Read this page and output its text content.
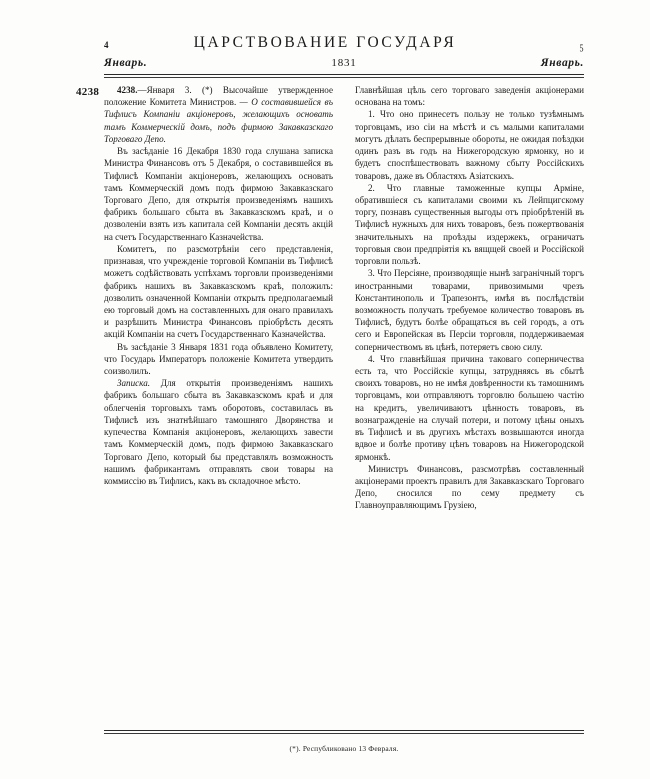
4	ЦАРСТВОВАНИЕ ГОСУДАРЯ	5
Январь.	1831	Январь.
4238	4238.—Января 3. (*) Высочайше утвержденное положение Комитета Министров. — О составившейся въ Тифлисъ Компаніи акціонеровъ, желающихъ основать тамъ Коммерческій домъ, подъ фирмою Закавказскаго Торговаго Депо.

Въ засѣданіе 16 Декабря 1830 года слушана записка Министра Финансовъ отъ 5 Декабря, о составившейся въ Тифлисѣ Компаніи акціонеровъ, желающихъ основать тамъ Коммерческій домъ подъ фирмою Закавказскаго Торговаго Депо, для открытія произведеніямъ нашихъ фабрикъ большаго сбыта въ Закавказскомъ краѣ, и о дозволеніи взять изъ капитала сей Компаніи десять акцій на счетъ Государственнаго Казначейства.

Комитетъ, по разсмотрѣніи сего представленія, признавая, что учрежденіе торговой Компаніи въ Тифлисѣ можетъ содѣйствовать успѣхамъ торговли произведеніями фабрикъ нашихъ въ Закавказскомъ краѣ, положилъ: дозволить означенной Компаніи открыть предполагаемый ею торговый домъ на составленныхъ для онаго правилахъ и разрѣшить Министра Финансовъ пріобрѣсть десять акцій Компаніи на счетъ Государственнаго Казначейства.

Въ засѣданіе 3 Января 1831 года объявлено Комитету, что Государь Императоръ положеніе Комитета утвердить соизволилъ.

Записка. Для открытія произведеніямъ нашихъ фабрикъ большаго сбыта въ Закавказскомъ краѣ и для облегченія торговыхъ тамъ оборотовъ, составилась въ Тифлисѣ изъ знатнѣйшаго тамошняго Дворянства и купечества Компанія акціонеровъ, желающихъ завести тамъ Коммерческій домъ, подъ фирмою Закавказскаго Торговаго Депо, который бы представлялъ возможность нашимъ фабрикантамъ отправлять свои товары на коммиссію въ Тифлисъ, какъ въ складочное мѣсто.

Главнѣйшая цѣль сего торговаго заведенія акціонерами основана на томъ:

1. Что оно принесетъ пользу не только тузѣмнымъ торговцамъ, изо сіи на мѣстѣ и съ малыми капиталами могутъ дѣлать беспрерывные обороты, не ожидая поѣздки одинъ разъ въ годъ на Нижегородскую ярмонку, но и будетъ споспѣшествовать важному сбыту Россійскихъ товаровъ, даже въ Областяхъ Азіатскихъ.

2. Что главные таможенные купцы Арміне, обратившіеся съ капиталами своими къ Лейпцигскому торгу, познавъ существенныя выгоды отъ пріобрѣтеній въ Тифлисѣ нужныхъ для нихъ товаровъ, безъ пожертвованія значительныхъ на проѣзды издержекъ, ограничатъ торговыя свои предпріятія къ вящщей своей и Россійской торговли пользѣ.

3. Что Персіяне, производящіе нынѣ загранічный торгъ иностранными товарами, привозимыми чрезъ Константинополь и Трапезонтъ, имѣя въ послѣдствіи возможность получать требуемое количество товаровъ въ Тифлисѣ, будутъ болѣе обращаться въ сей городъ, а отъ сего и Европейская въ Персіи торговля, поддерживаемая соперничествомъ въ цѣнѣ, потеряетъ свою силу.

4. Что главнѣйшая причина таковаго соперничества есть та, что Россійскіе купцы, затрудняясь въ сбытѣ своихъ товаровъ, но не имѣя довѣренности къ тамошнимъ торговцамъ, кои отправляютъ торговлю большею частію на кредитъ, увеличиваютъ цѣнность товаровъ, въ вознагражденіе на случай потери, и потому цѣны оныхъ въ Тифлисѣ и въ другихъ мѣстахъ возвышаются иногда вдвое и болѣе противу цѣнъ товаровъ на Нижегородской ярмонкѣ.

Министръ Финансовъ, разсмотрѣвъ составленный акціонерами проектъ правилъ для Закавказскаго Торговаго Депо, сносился по сему предмету съ Главноуправляющимъ Грузіею,

(*). Республиковано 13 Февраля.
